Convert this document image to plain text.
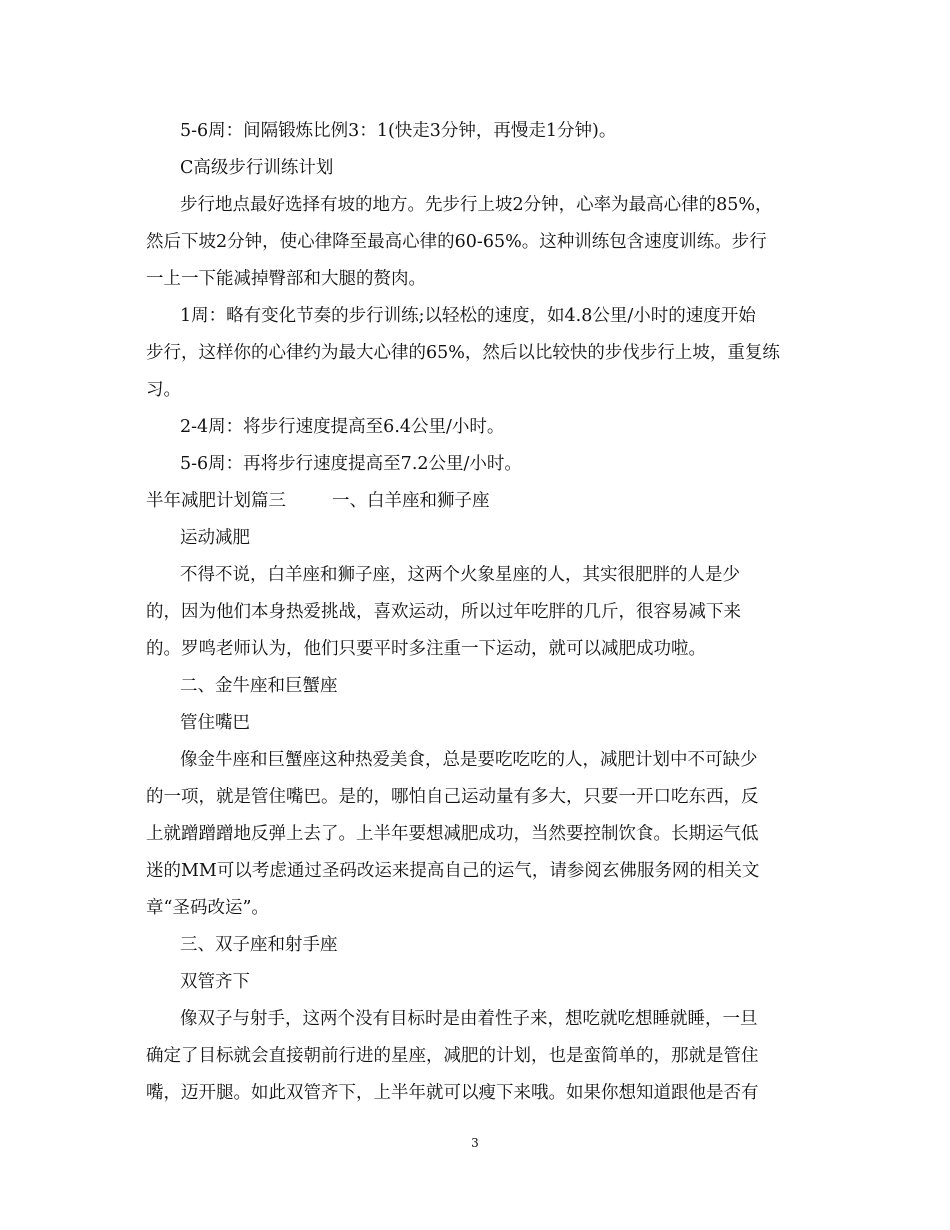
5-6周：间隔锻炼比例3：1(快走3分钟，再慢走1分钟)。
C高级步行训练计划
步行地点最好选择有坡的地方。先步行上坡2分钟，心率为最高心律的85%，
然后下坡2分钟，使心律降至最高心律的60-65%。这种训练包含速度训练。步行
一上一下能减掉臀部和大腿的赘肉。
1周：略有变化节奏的步行训练;以轻松的速度，如4.8公里/小时的速度开始
步行，这样你的心律约为最大心律的65%，然后以比较快的步伐步行上坡，重复练
习。
2-4周：将步行速度提高至6.4公里/小时。
5-6周：再将步行速度提高至7.2公里/小时。
半年减肥计划篇三	一、白羊座和狮子座
运动减肥
不得不说，白羊座和狮子座，这两个火象星座的人，其实很肥胖的人是少
的，因为他们本身热爱挑战，喜欢运动，所以过年吃胖的几斤，很容易减下来
的。罗鸣老师认为，他们只要平时多注重一下运动，就可以减肥成功啦。
二、金牛座和巨蟹座
管住嘴巴
像金牛座和巨蟹座这种热爱美食，总是要吃吃吃的人，减肥计划中不可缺少
的一项，就是管住嘴巴。是的，哪怕自己运动量有多大，只要一开口吃东西，反
上就蹭蹭蹭地反弹上去了。上半年要想减肥成功，当然要控制饮食。长期运气低
迷的MM可以考虑通过圣码改运来提高自己的运气，请参阅玄佛服务网的相关文
章“圣码改运”。
三、双子座和射手座
双管齐下
像双子与射手，这两个没有目标时是由着性子来，想吃就吃想睡就睡，一旦
确定了目标就会直接朝前行进的星座，减肥的计划，也是蛮简单的，那就是管住
嘴，迈开腿。如此双管齐下，上半年就可以瘦下来哦。如果你想知道跟他是否有
3
